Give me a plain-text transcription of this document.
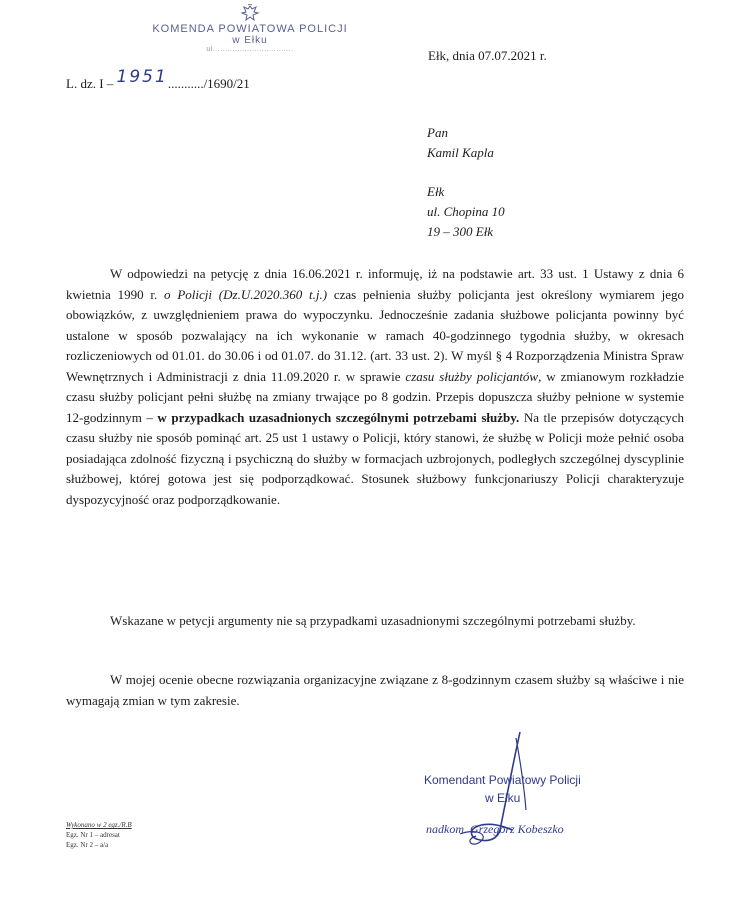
KOMENDA POWIATOWA POLICJI
w Ełku
ul. ...............................	Ełk, dnia 07.07.2021 r.
L. dz. I – 1951.........../1690/21
Pan
Kamil Kapla
Ełk
ul. Chopina 10
19 – 300 Ełk

W odpowiedzi na petycję z dnia 16.06.2021 r. informuję, iż na podstawie art. 33 ust. 1 Ustawy z dnia 6 kwietnia 1990 r. o Policji (Dz.U.2020.360 t.j.) czas pełnienia służby policjanta jest określony wymiarem jego obowiązków, z uwzględnieniem prawa do wypoczynku. Jednocześnie zadania służbowe policjanta powinny być ustalone w sposób pozwalający na ich wykonanie w ramach 40-godzinnego tygodnia służby, w okresach rozliczeniowych od 01.01. do 30.06 i od 01.07. do 31.12. (art. 33 ust. 2). W myśl § 4 Rozporządzenia Ministra Spraw Wewnętrznych i Administracji z dnia 11.09.2020 r. w sprawie czasu służby policjantów, w zmianowym rozkładzie czasu służby policjant pełni służbę na zmiany trwające po 8 godzin. Przepis dopuszcza służby pełnione w systemie 12-godzinnym – w przypadkach uzasadnionych szczególnymi potrzebami służby. Na tle przepisów dotyczących czasu służby nie sposób pominąć art. 25 ust 1 ustawy o Policji, który stanowi, że służbę w Policji może pełnić osoba posiadająca zdolność fizyczną i psychiczną do służby w formacjach uzbrojonych, podległych szczególnej dyscyplinie służbowej, której gotowa jest się podporządkować. Stosunek służbowy funkcjonariuszy Policji charakteryzuje dyspozycyjność oraz podporządkowanie.

Wskazane w petycji argumenty nie są przypadkami uzasadnionymi szczególnymi potrzebami służby.

W mojej ocenie obecne rozwiązania organizacyjne związane z 8-godzinnym czasem służby są właściwe i nie wymagają zmian w tym zakresie.

Komendant Powiatowy Policji
w Ełku
nadkom. Grzegorz Kobeszko
Wykonano w 2 egz./R.B
Egz. Nr 1 – adresat
Egz. Nr 2 – a/a
